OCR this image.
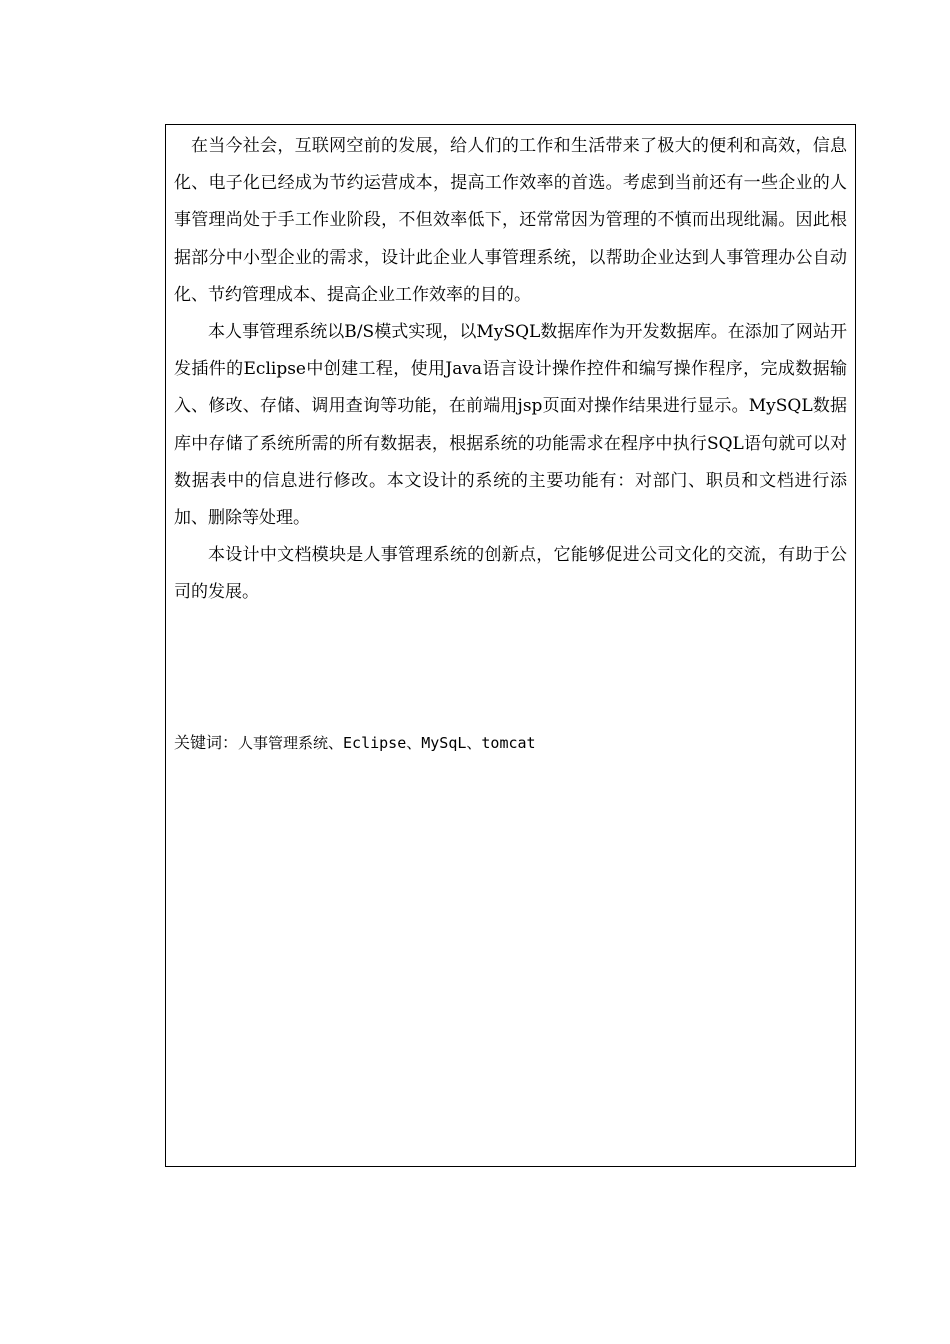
在当今社会，互联网空前的发展，给人们的工作和生活带来了极大的便利和高效，信息化、电子化已经成为节约运营成本，提高工作效率的首选。考虑到当前还有一些企业的人事管理尚处于手工作业阶段，不但效率低下，还常常因为管理的不慎而出现纰漏。因此根据部分中小型企业的需求，设计此企业人事管理系统，以帮助企业达到人事管理办公自动化、节约管理成本、提高企业工作效率的目的。

本人事管理系统以B/S模式实现，以MySQL数据库作为开发数据库。在添加了网站开发插件的Eclipse中创建工程，使用Java语言设计操作控件和编写操作程序，完成数据输入、修改、存储、调用查询等功能，在前端用jsp页面对操作结果进行显示。MySQL数据库中存储了系统所需的所有数据表，根据系统的功能需求在程序中执行SQL语句就可以对数据表中的信息进行修改。本文设计的系统的主要功能有：对部门、职员和文档进行添加、删除等处理。

本设计中文档模块是人事管理系统的创新点，它能够促进公司文化的交流，有助于公司的发展。

关键词：人事管理系统、Eclipse、MySqL、tomcat
